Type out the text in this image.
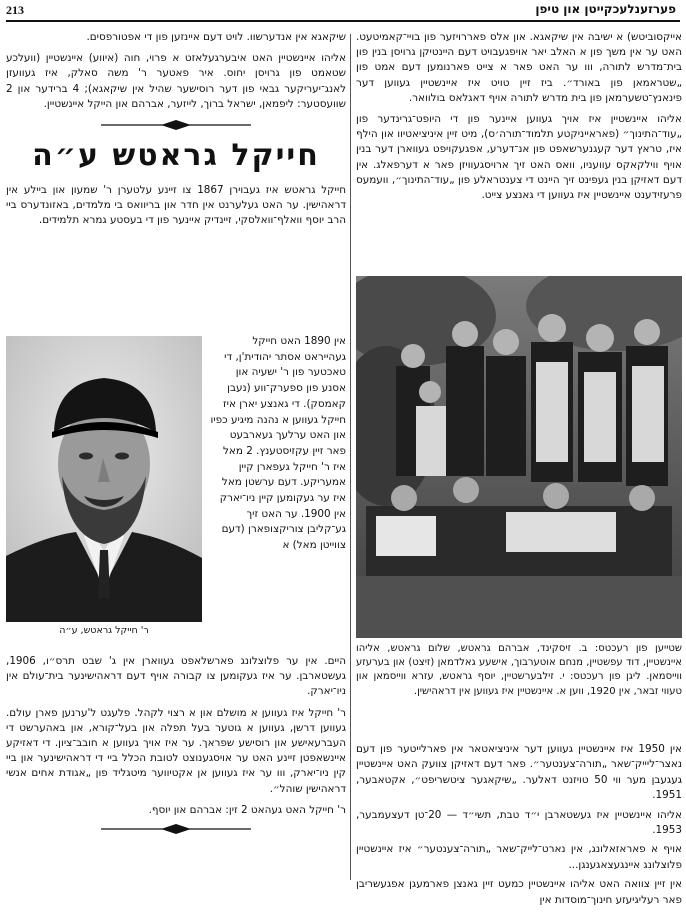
213	פערזענלעכקייטן און טיפן

שיקאגא אין אנדערשוו. לויט דעם איינזען פון די אפטורפסים.

אליהו איינשטיין האט איבערגעלאזט א פרוי, חוה (איווע) איינשטיין (וועלכע שטאמט פון גרויסן יחוס. איר פאטער ר' משה סאלק, איז געוועזן לאנג־יעריקער גבאי פון דער רוסישער שהיל אין שיקאגא); 4 ברידער און 2 שוועסטער: ליפמאן, ישראל ברוך, לייזער, אברהם און הייקל איינשטיין.

חייקל גראטש ע״ה

חייקל גראטש איז געבוירן 1867 צו זיינע עלטערן ר' שמעון און ביילע אין דראהישין. ער האט געלערנט אין חדר און בריוואס בי מלמדים, באזונדערס ביי הרב יוסף וואלף־וואלסקי, זיינדיק איינער פון די בעסטע גמרא תלמידים.

ר' חייקל גראטש, ע״ה

אין 1890 האט חייקל געהייראט אסתר יהודית'ן, די טאכטער פון ר' ישעיה און אסנע פון ספערק־ווע (נעבן קאמסק). די גאנצע יארן איז חייקל געווען א נהנה מיגיע כפיו און האט ערלעך געארבעט פאר זיין עקזיסטענץ. 2 מאל איז ר' חייקל געפארן קיין אמעריקע. דעם ערשטן מאל איז ער געקומען קיין ניו־יארק אין 1900. ער האט זיך גע־קליבן צוריקצופארן (דעם צווייטן מאל) א

היים. אין ער פלוצלונג פארשלאפט געווארן אין ג' שבט תרס״ו, 1906, געשטארבן. ער איז געקומען צו קבורה אויף דעם דראהישינער בית־עולם אין ניו־יארק.

ר' חייקל איז געווען א מושלם און א רצוי לקהל. פלעגט ל'ערנען פארן עולם. געווען דרשן, געווען א גוטער בעל תפלה און בעל־קורא, און באהערשט די העברעאישע און רוסישע שפראך. ער איז אויך געווען א חובב־ציון. די דאזיקע איינשאפטן זיינע האט ער אויסגענוצט לטובת הכלל ביי די דראהישינער און ביי קין ניו־יארק, ווו ער איז געווען אן אקטיווער מיטגליד פון „אגודת אחים אנשי דראהישין שוהל״.

ר' חייקל האט געהאט 2 זין: אברהם און יוסף.

אייקסוביטש) א ישיבה אין שיקאגא. און אלס פאררויזער פון בויי־קאמיטעט. האט ער אין משך פון א האלב יאר אויפגעבויט דעם היינטיקן גרויסן בנין פון בית־מדרש לתורה, ווו ער האט פאר א צייט פארנומען דעם אמט פון „שטראמאן פון באורד״. ביז זיין טויט איז איינשטיין געווען דער פינאנץ־טשערמאן פון בית מדרש לתורה אויף דאגלאס בולוואר.

אליהו איינשטיין איז אויך געווען איינער פון די היופט־גרינדער פון „עוד־התינוך״ (פאראייניקטע תלמוד־תורה׳ס), מיט זיין איניציאטיוו און הילף איז, טראץ דער קעגנערשאפט פון אנ־דערע, אפגעקויפט געווארן דער בנין אויף ווילקאקס עוועניו, וואס האט זיך ארויסגעוויזן פאר א דערפאלג. אין דעם דאזיקן בנין געפינט זיך היינט די צענטראלע פון „עוד־התינוך״, וועמעס פרעזידענט איינשטיין איז געווען די גאנצע צייט.

שטייען פון רעכטס: ב. זיסקינד, אברהם גראטש, שלום גראטש, אליהו איינשטיין, דוד עפשטיין, מנחם אוטערבוך, אישעע גאלדמאן (זיצט) און בערעזע ווייסמאן. ליגן פון רעכטס: י. זילבערשטיין, יוסף גראטש, עזרא ווייסמאן און טעווי זבאר, אין 1920, ווען א. איינשטיין איז געווען אין דראהישין.

אין 1950 איז איינשטיין געווען דער איניציאטאר אין פארלייטער פון דעם נאצר־ליייק־שאר „תורה־צענטער״. פאר דעם דאזיקן צוועק האט איינשטיין געגעבן מער ווי 50 טויזנט דאלער. „שיקאגער ציטשריפט״, אקטאבער, 1951.

אליהו איינשטיין איז געשטארבן י״ד טבת, תשי״ד — 20־טן דעצעמבער, 1953.

אויף א פאראזאלונג, אין נארט־לייק־שאר „תורה־צענטער״ איז איינשטיין פלוצלונג איינגעצאגענגן...

אין זיין צוואה האט אליהו איינשטיין כמעט זיין גאנצן פארמעגן אפגעשריבן פאר רעליגיעזע חינוך־מוסדות אין
